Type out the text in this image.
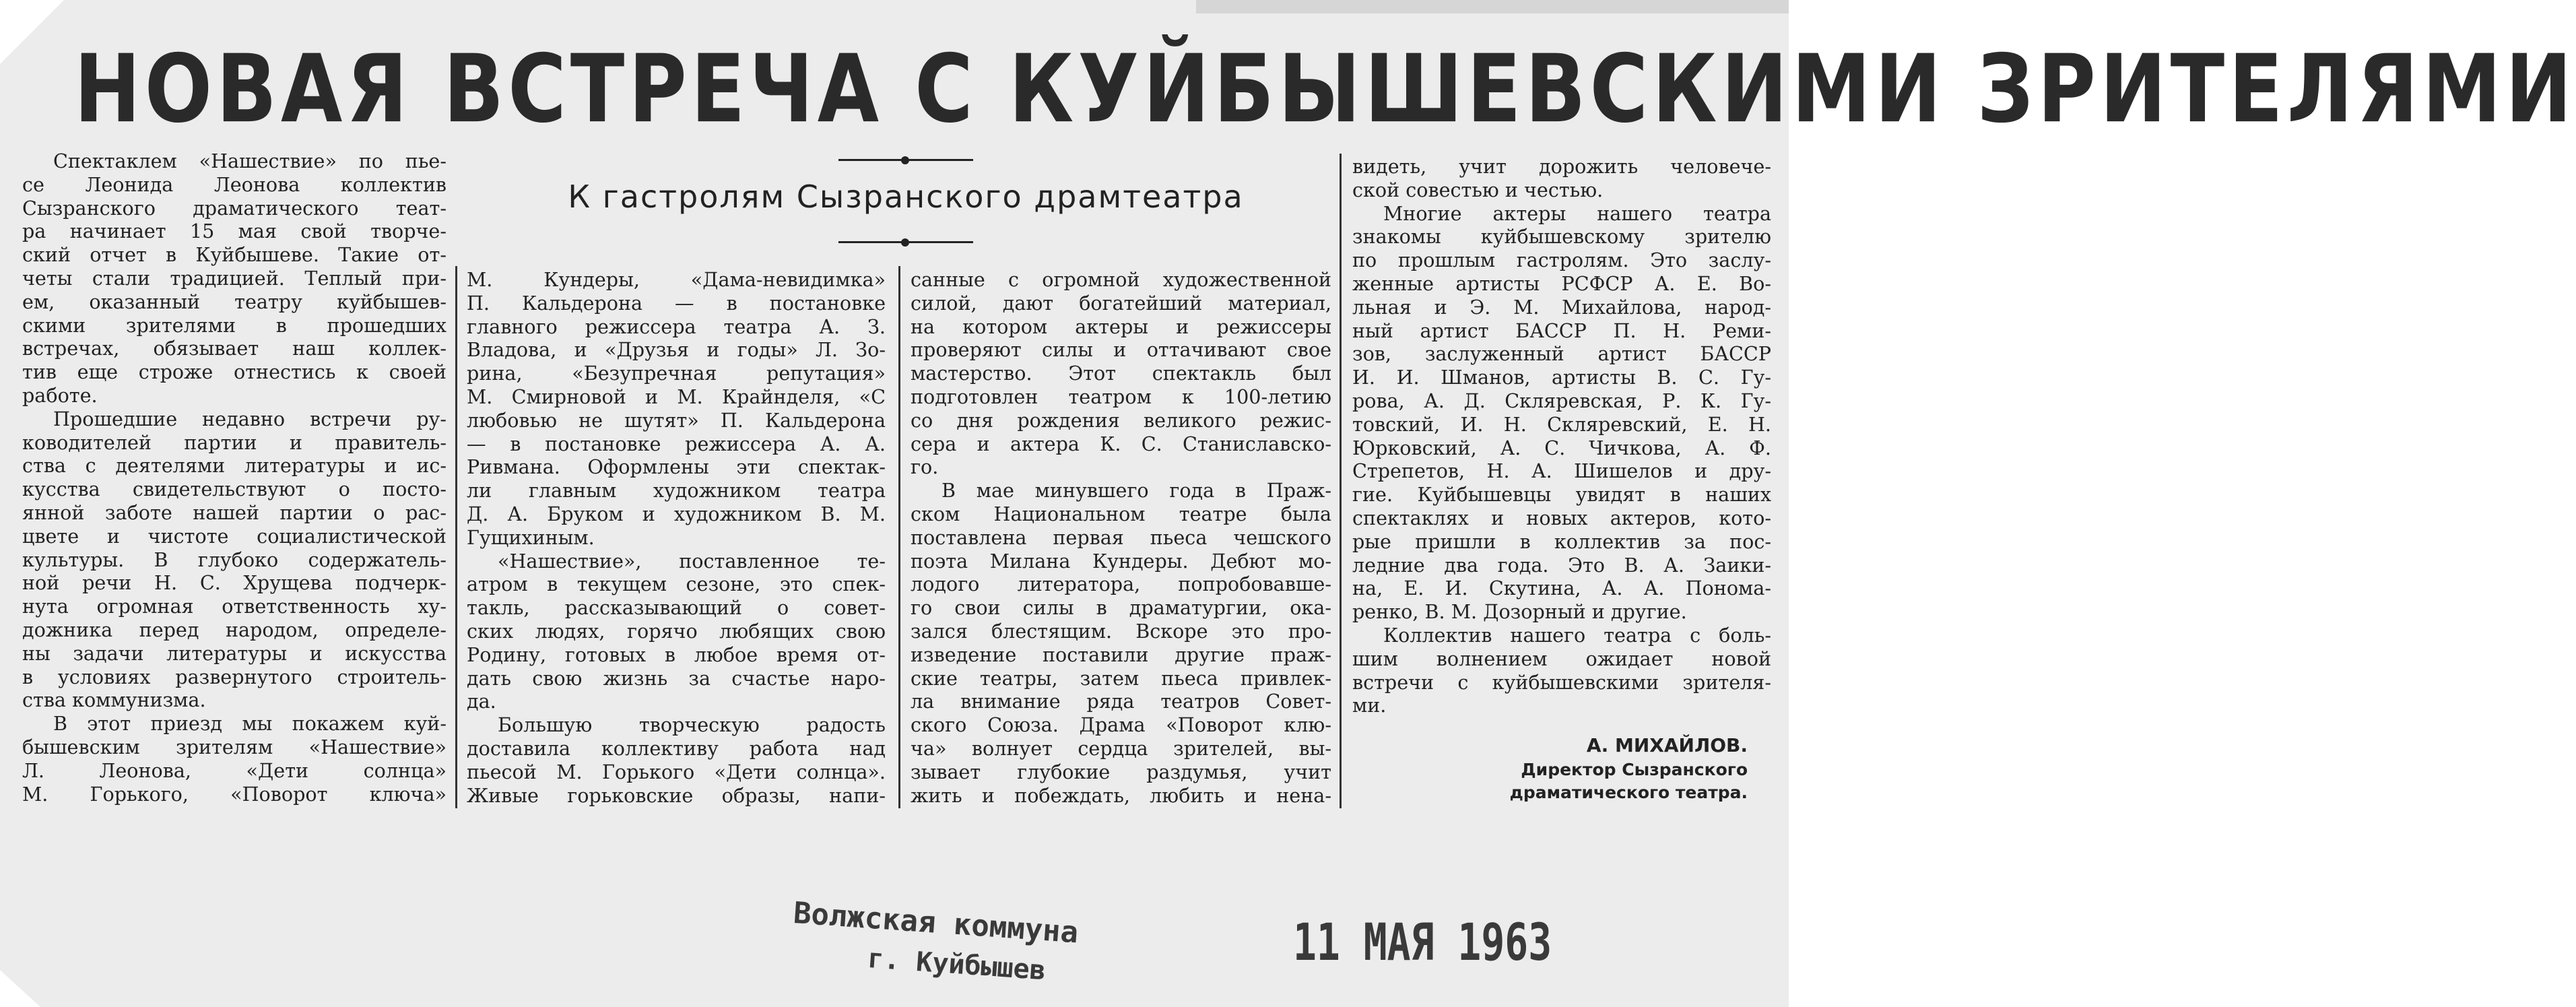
НОВАЯ ВСТРЕЧА С КУЙБЫШЕВСКИМИ ЗРИТЕЛЯМИ
К гастролям Сызранского драмтеатра
Спектаклем «Нашествие» по пье-
се Леонида Леонова коллектив
Сызранского драматического теат-
ра начинает 15 мая свой творче-
ский отчет в Куйбышеве. Такие от-
четы стали традицией. Теплый при-
ем, оказанный театру куйбышев-
скими зрителями в прошедших
встречах, обязывает наш коллек-
тив еще строже отнестись к своей
работе.
Прошедшие недавно встречи ру-
ководителей партии и правитель-
ства с деятелями литературы и ис-
кусства свидетельствуют о посто-
янной заботе нашей партии о рас-
цвете и чистоте социалистической
культуры. В глубоко содержатель-
ной речи Н. С. Хрущева подчерк-
нута огромная ответственность ху-
дожника перед народом, определе-
ны задачи литературы и искусства
в условиях развернутого строитель-
ства коммунизма.
В этот приезд мы покажем куй-
бышевским зрителям «Нашествие»
Л. Леонова, «Дети солнца»
М. Горького, «Поворот ключа»
М. Кундеры, «Дама-невидимка»
П. Кальдерона — в постановке
главного режиссера театра А. З.
Владова, и «Друзья и годы» Л. Зо-
рина, «Безупречная репутация»
М. Смирновой и М. Крайнделя, «С
любовью не шутят» П. Кальдерона
— в постановке режиссера А. А.
Ривмана. Оформлены эти спектак-
ли главным художником театра
Д. А. Бруком и художником В. М.
Гущихиным.
«Нашествие», поставленное те-
атром в текущем сезоне, это спек-
такль, рассказывающий о совет-
ских людях, горячо любящих свою
Родину, готовых в любое время от-
дать свою жизнь за счастье наро-
да.
Большую творческую радость
доставила коллективу работа над
пьесой М. Горького «Дети солнца».
Живые горьковские образы, напи-
санные с огромной художественной
силой, дают богатейший материал,
на котором актеры и режиссеры
проверяют силы и оттачивают свое
мастерство. Этот спектакль был
подготовлен театром к 100-летию
со дня рождения великого режис-
сера и актера К. С. Станиславско-
го.
В мае минувшего года в Праж-
ском Национальном театре была
поставлена первая пьеса чешского
поэта Милана Кундеры. Дебют мо-
лодого литератора, попробовавше-
го свои силы в драматургии, ока-
зался блестящим. Вскоре это про-
изведение поставили другие праж-
ские театры, затем пьеса привлек-
ла внимание ряда театров Совет-
ского Союза. Драма «Поворот клю-
ча» волнует сердца зрителей, вы-
зывает глубокие раздумья, учит
жить и побеждать, любить и нена-
видеть, учит дорожить человече-
ской совестью и честью.
Многие актеры нашего театра
знакомы куйбышевскому зрителю
по прошлым гастролям. Это заслу-
женные артисты РСФСР А. Е. Во-
льная и Э. М. Михайлова, народ-
ный артист БАССР П. Н. Реми-
зов, заслуженный артист БАССР
И. И. Шманов, артисты В. С. Гу-
рова, А. Д. Скляревская, Р. К. Гу-
товский, И. Н. Скляревский, Е. Н.
Юрковский, А. С. Чичкова, А. Ф.
Стрепетов, Н. А. Шишелов и дру-
гие. Куйбышевцы увидят в наших
спектаклях и новых актеров, кото-
рые пришли в коллектив за пос-
ледние два года. Это В. А. Заики-
на, Е. И. Скутина, А. А. Понома-
ренко, В. М. Дозорный и другие.
Коллектив нашего театра с боль-
шим волнением ожидает новой
встречи с куйбышевскими зрителя-
ми.
А. МИХАЙЛОВ.
Директор Сызранского
драматического театра.
Волжская коммуна
г. Куйбышев	11 МАЯ 1963
